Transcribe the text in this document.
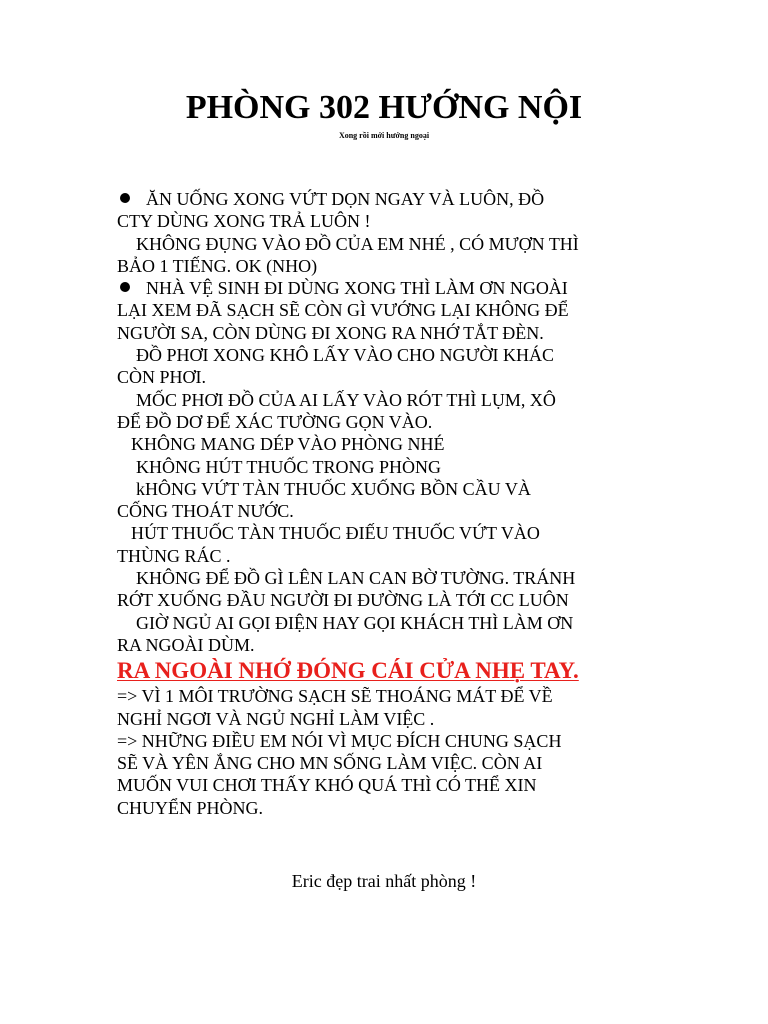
PHÒNG 302 HƯỚNG NỘI

Xong rồi mới hướng ngoại

ĂN UỐNG XONG VỨT DỌN NGAY VÀ LUÔN, ĐỒ
CTY DÙNG XONG TRẢ LUÔN !
KHÔNG ĐỤNG VÀO ĐỒ CỦA EM NHÉ , CÓ MƯỢN THÌ
BẢO 1 TIẾNG. OK (NHO)
NHÀ VỆ SINH ĐI DÙNG XONG THÌ LÀM ƠN NGOÀI
LẠI XEM ĐÃ SẠCH SẼ CÒN GÌ VƯỚNG LẠI KHÔNG ĐỂ
NGƯỜI SA, CÒN DÙNG ĐI XONG RA NHỚ TẮT ĐÈN.
ĐỒ PHƠI XONG KHÔ LẤY VÀO CHO NGƯỜI KHÁC
CÒN PHƠI.
MỐC PHƠI ĐỒ CỦA AI LẤY VÀO RÓT THÌ LỤM, XÔ
ĐỂ ĐỒ DƠ ĐỂ XÁC TƯỜNG GỌN VÀO.
KHÔNG MANG DÉP VÀO PHÒNG NHÉ
KHÔNG HÚT THUỐC TRONG PHÒNG
kHÔNG VỨT TÀN THUỐC XUỐNG BỒN CẦU VÀ
CỐNG THOÁT NƯỚC.
HÚT THUỐC TÀN THUỐC ĐIẾU THUỐC VỨT VÀO
THÙNG RÁC .
KHÔNG ĐỂ ĐỒ GÌ LÊN LAN CAN BỜ TƯỜNG. TRÁNH
RỚT XUỐNG ĐẦU NGƯỜI ĐI ĐƯỜNG LÀ TỚI CC LUÔN
GIỜ NGỦ AI GỌI ĐIỆN HAY GỌI KHÁCH THÌ LÀM ƠN
RA NGOÀI DÙM.
RA NGOÀI NHỚ ĐÓNG CÁI CỬA NHẸ TAY.
=> VÌ 1 MÔI TRƯỜNG SẠCH SẼ THOÁNG MÁT ĐỂ VỀ
NGHỈ NGƠI VÀ NGỦ NGHỈ LÀM VIỆC .
=> NHỮNG ĐIỀU EM NÓI VÌ MỤC ĐÍCH CHUNG SẠCH
SẼ VÀ YÊN ẮNG CHO MN SỐNG LÀM VIỆC. CÒN AI
MUỐN VUI CHƠI THẤY KHÓ QUÁ THÌ CÓ THỂ XIN
CHUYỂN PHÒNG.

Eric đẹp trai nhất phòng !
